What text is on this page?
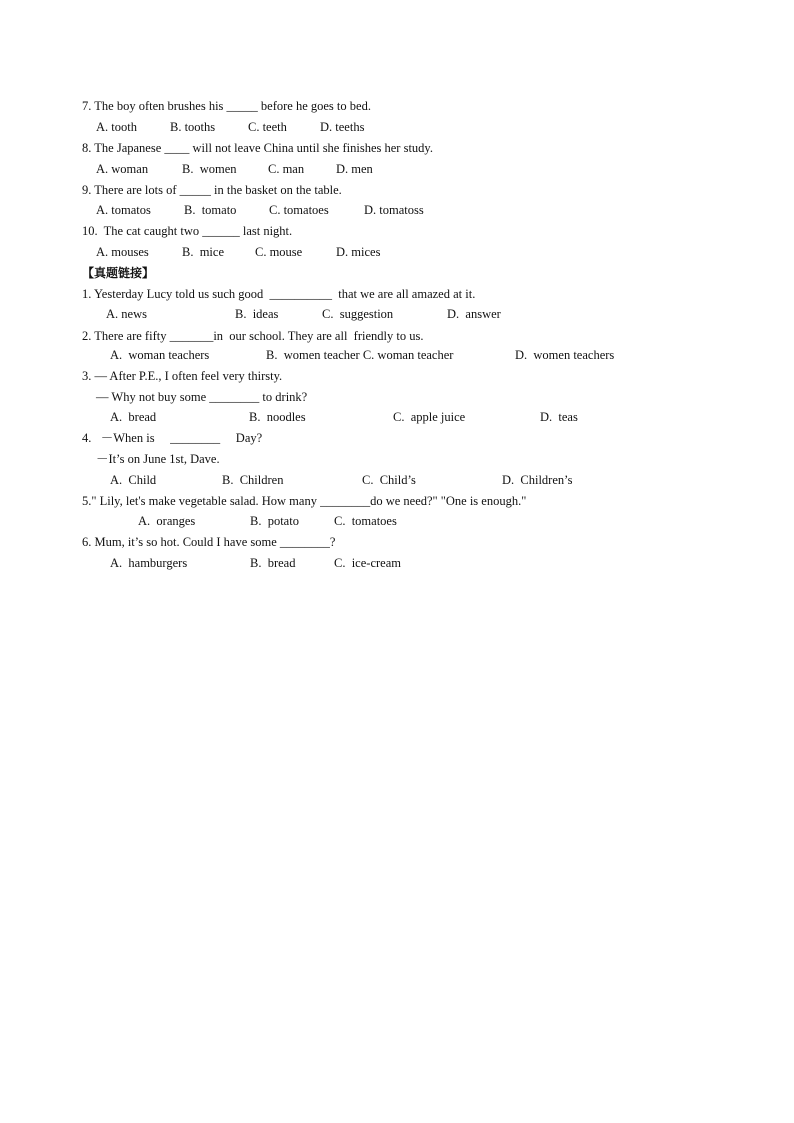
7. The boy often brushes his _____ before he goes to bed.
A. tooth	B. tooths	C. teeth	D. teeths
8. The Japanese ____ will not leave China until she finishes her study.
A. woman	B.  women	C. man	D. men
9. There are lots of _____ in the basket on the table.
A. tomatos	B.  tomato	C. tomatoes	D. tomatoss
10.  The cat caught two ______ last night.
A. mouses	B.  mice C. mouse	D. mices
【真题链接】
1. Yesterday Lucy told us such good  __________  that we are all amazed at it.
A. news	B.  ideas	C.  suggestion	D.  answer
2. There are fifty _______in  our school. They are all  friendly to us.
A.  woman teachers	B.  women teacher C. woman teacher	D.  women teachers
3. — After P.E., I often feel very thirsty.
— Why not buy some ________ to drink?
A.  bread	B.  noodles	C.  apple juice	D.  teas
4.   －When is     ________     Day?
－It’s on June 1st, Dave.
A.  Child	B.  Children	C.  Child’s	D.  Children’s
5." Lily, let's make vegetable salad. How many ________do we need?" "One is enough."
A.  oranges	B.  potato	C.  tomatoes
6. Mum, it’s so hot. Could I have some ________?
A.  hamburgers	B.  bread	C.  ice-cream
